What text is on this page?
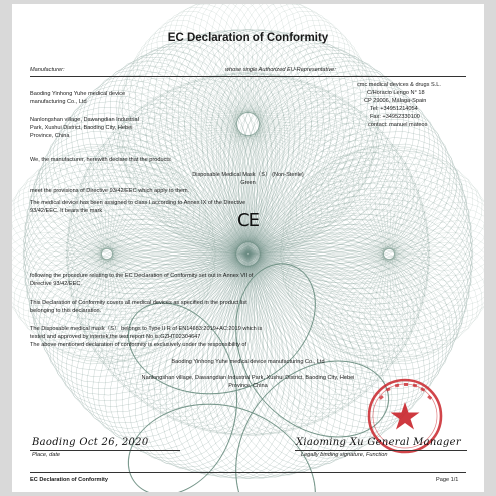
EC Declaration of Conformity
Manufacturer:	whose single Authorized EU-Representative:
Baoding Yinhong Yuhe medical device
manufacturing Co., Ltd
Nanlongshan village, Dawangdian Industrial
Park, Xushui District, Baoding City, Hebei
Province, China
cmc medical devices & drugs S.L.
C/Horacio Lengo N° 18
CP 29006, Málaga-Spain
Tel: +34951214054
Fax: +34952330100
contact: manuel mateos
We, the manufacturer, herewith declare that the products
Disposable Medical Mask（S） (Non-Sterile)
Green
meet the provisions of Directive 93/42/EEC which apply to them.
The medical device has been assigned to class I according to Annex IX of the Directive
93/42/EEC. It bears the mark	CE
following the procedure relating to the EC Declaration of Conformity set out in Annex VII of
Directive 93/42/EEC.
This Declaration of Conformity covers all medical devices as specified in the product list
belonging to this declaration.
The Disposable medical mask（S） belongs to Type II R of EN14683:2019+AC:2019 which is
tested and approved by intertek,the test report No is:GZHT02304647
The above mentioned declaration of conformity is exclusively under the responsibility of
Baoding Yinhong Yuhe medical device manufacturing Co., Ltd
Nanlongshan village, Dawangdian Industrial Park, Xushui District, Baoding City, Hebei
Province, China
Baoding Oct 26, 2020
Place, date
Xiaoming Xu General Manager
Legally binding signature, Function
EC Declaration of Conformity	Page 1/1
